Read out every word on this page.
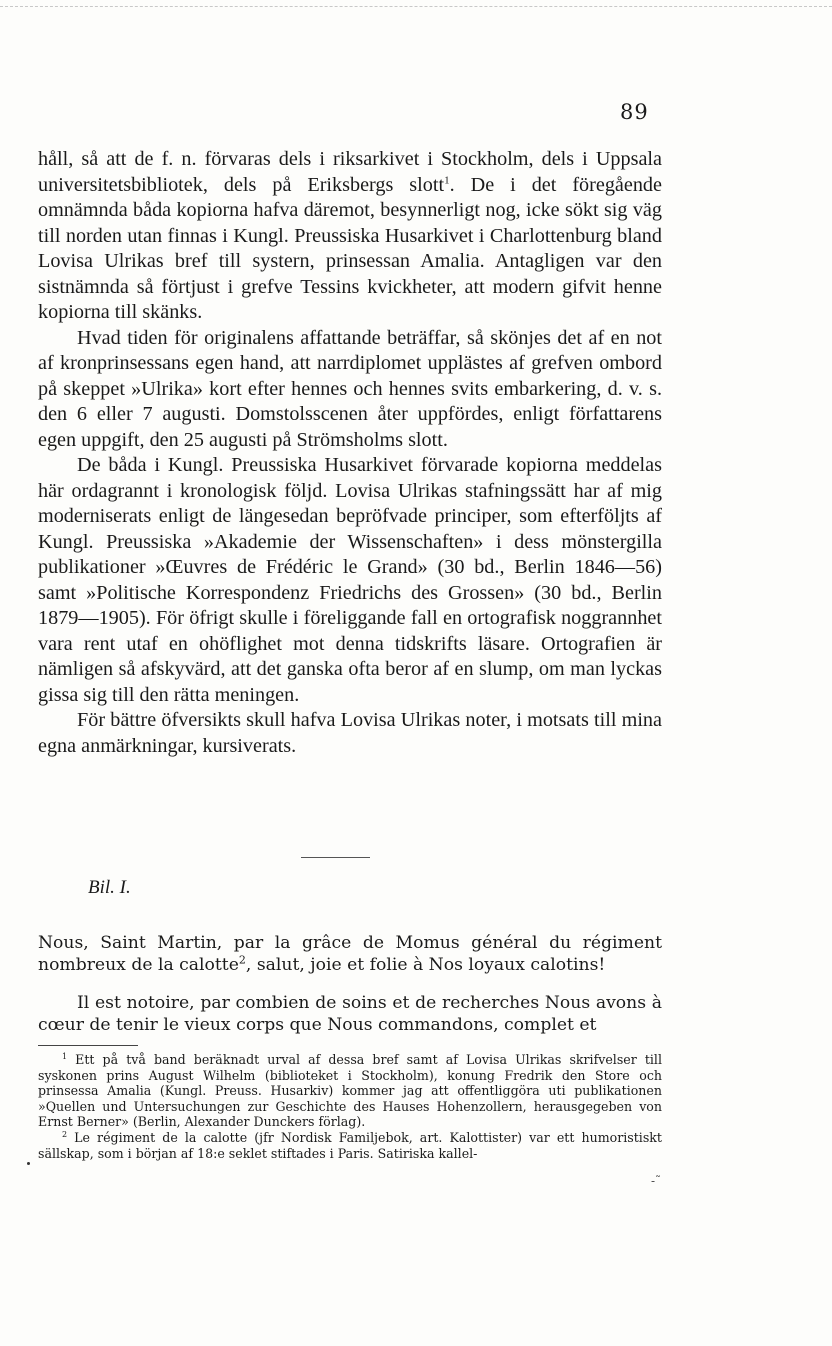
89

håll, så att de f. n. förvaras dels i riksarkivet i Stockholm, dels i Uppsala universitetsbibliotek, dels på Eriksbergs slott$^1$. De i det föregående omnämnda båda kopiorna hafva däremot, besynnerligt nog, icke sökt sig väg till norden utan finnas i Kungl. Preussiska Husarkivet i Charlottenburg bland Lovisa Ulrikas bref till systern, prinsessan Amalia. Antagligen var den sistnämnda så förtjust i grefve Tessins kvickheter, att modern gifvit henne kopiorna till skänks.

Hvad tiden för originalens affattande beträffar, så skönjes det af en not af kronprinsessans egen hand, att narrdiplomet upplästes af grefven ombord på skeppet »Ulrika» kort efter hennes och hennes svits embarkering, d. v. s. den 6 eller 7 augusti. Domstolsscenen åter uppfördes, enligt författarens egen uppgift, den 25 augusti på Strömsholms slott.

De båda i Kungl. Preussiska Husarkivet förvarade kopiorna meddelas här ordagrannt i kronologisk följd. Lovisa Ulrikas stafningssätt har af mig moderniserats enligt de längesedan bepröfvade principer, som efterföljts af Kungl. Preussiska »Akademie der Wissenschaften» i dess mönstergilla publikationer »Œuvres de Frédéric le Grand» (30 bd., Berlin 1846—56) samt »Politische Korrespondenz Friedrichs des Grossen» (30 bd., Berlin 1879—1905). För öfrigt skulle i föreliggande fall en ortografisk noggrannhet vara rent utaf en ohöflighet mot denna tidskrifts läsare. Ortografien är nämligen så afskyvärd, att det ganska ofta beror af en slump, om man lyckas gissa sig till den rätta meningen.

För bättre öfversikts skull hafva Lovisa Ulrikas noter, i motsats till mina egna anmärkningar, kursiverats.

Bil. I.

Nous, Saint Martin, par la grâce de Momus général du régiment nombreux de la calotte$^2$, salut, joie et folie à Nos loyaux calotins!

Il est notoire, par combien de soins et de recherches Nous avons à cœur de tenir le vieux corps que Nous commandons, complet et

$^1$ Ett på två band beräknadt urval af dessa bref samt af Lovisa Ulrikas skrifvelser till syskonen prins August Wilhelm (biblioteket i Stockholm), konung Fredrik den Store och prinsessa Amalia (Kungl. Preuss. Husarkiv) kommer jag att offentliggöra uti publikationen »Quellen und Untersuchungen zur Geschichte des Hauses Hohenzollern, herausgegeben von Ernst Berner» (Berlin, Alexander Dunckers förlag).

$^2$ Le régiment de la calotte (jfr Nordisk Familjebok, art. Kalottister) var ett humoristiskt sällskap, som i början af 18:e seklet stiftades i Paris. Satiriska kallel-

-˜
